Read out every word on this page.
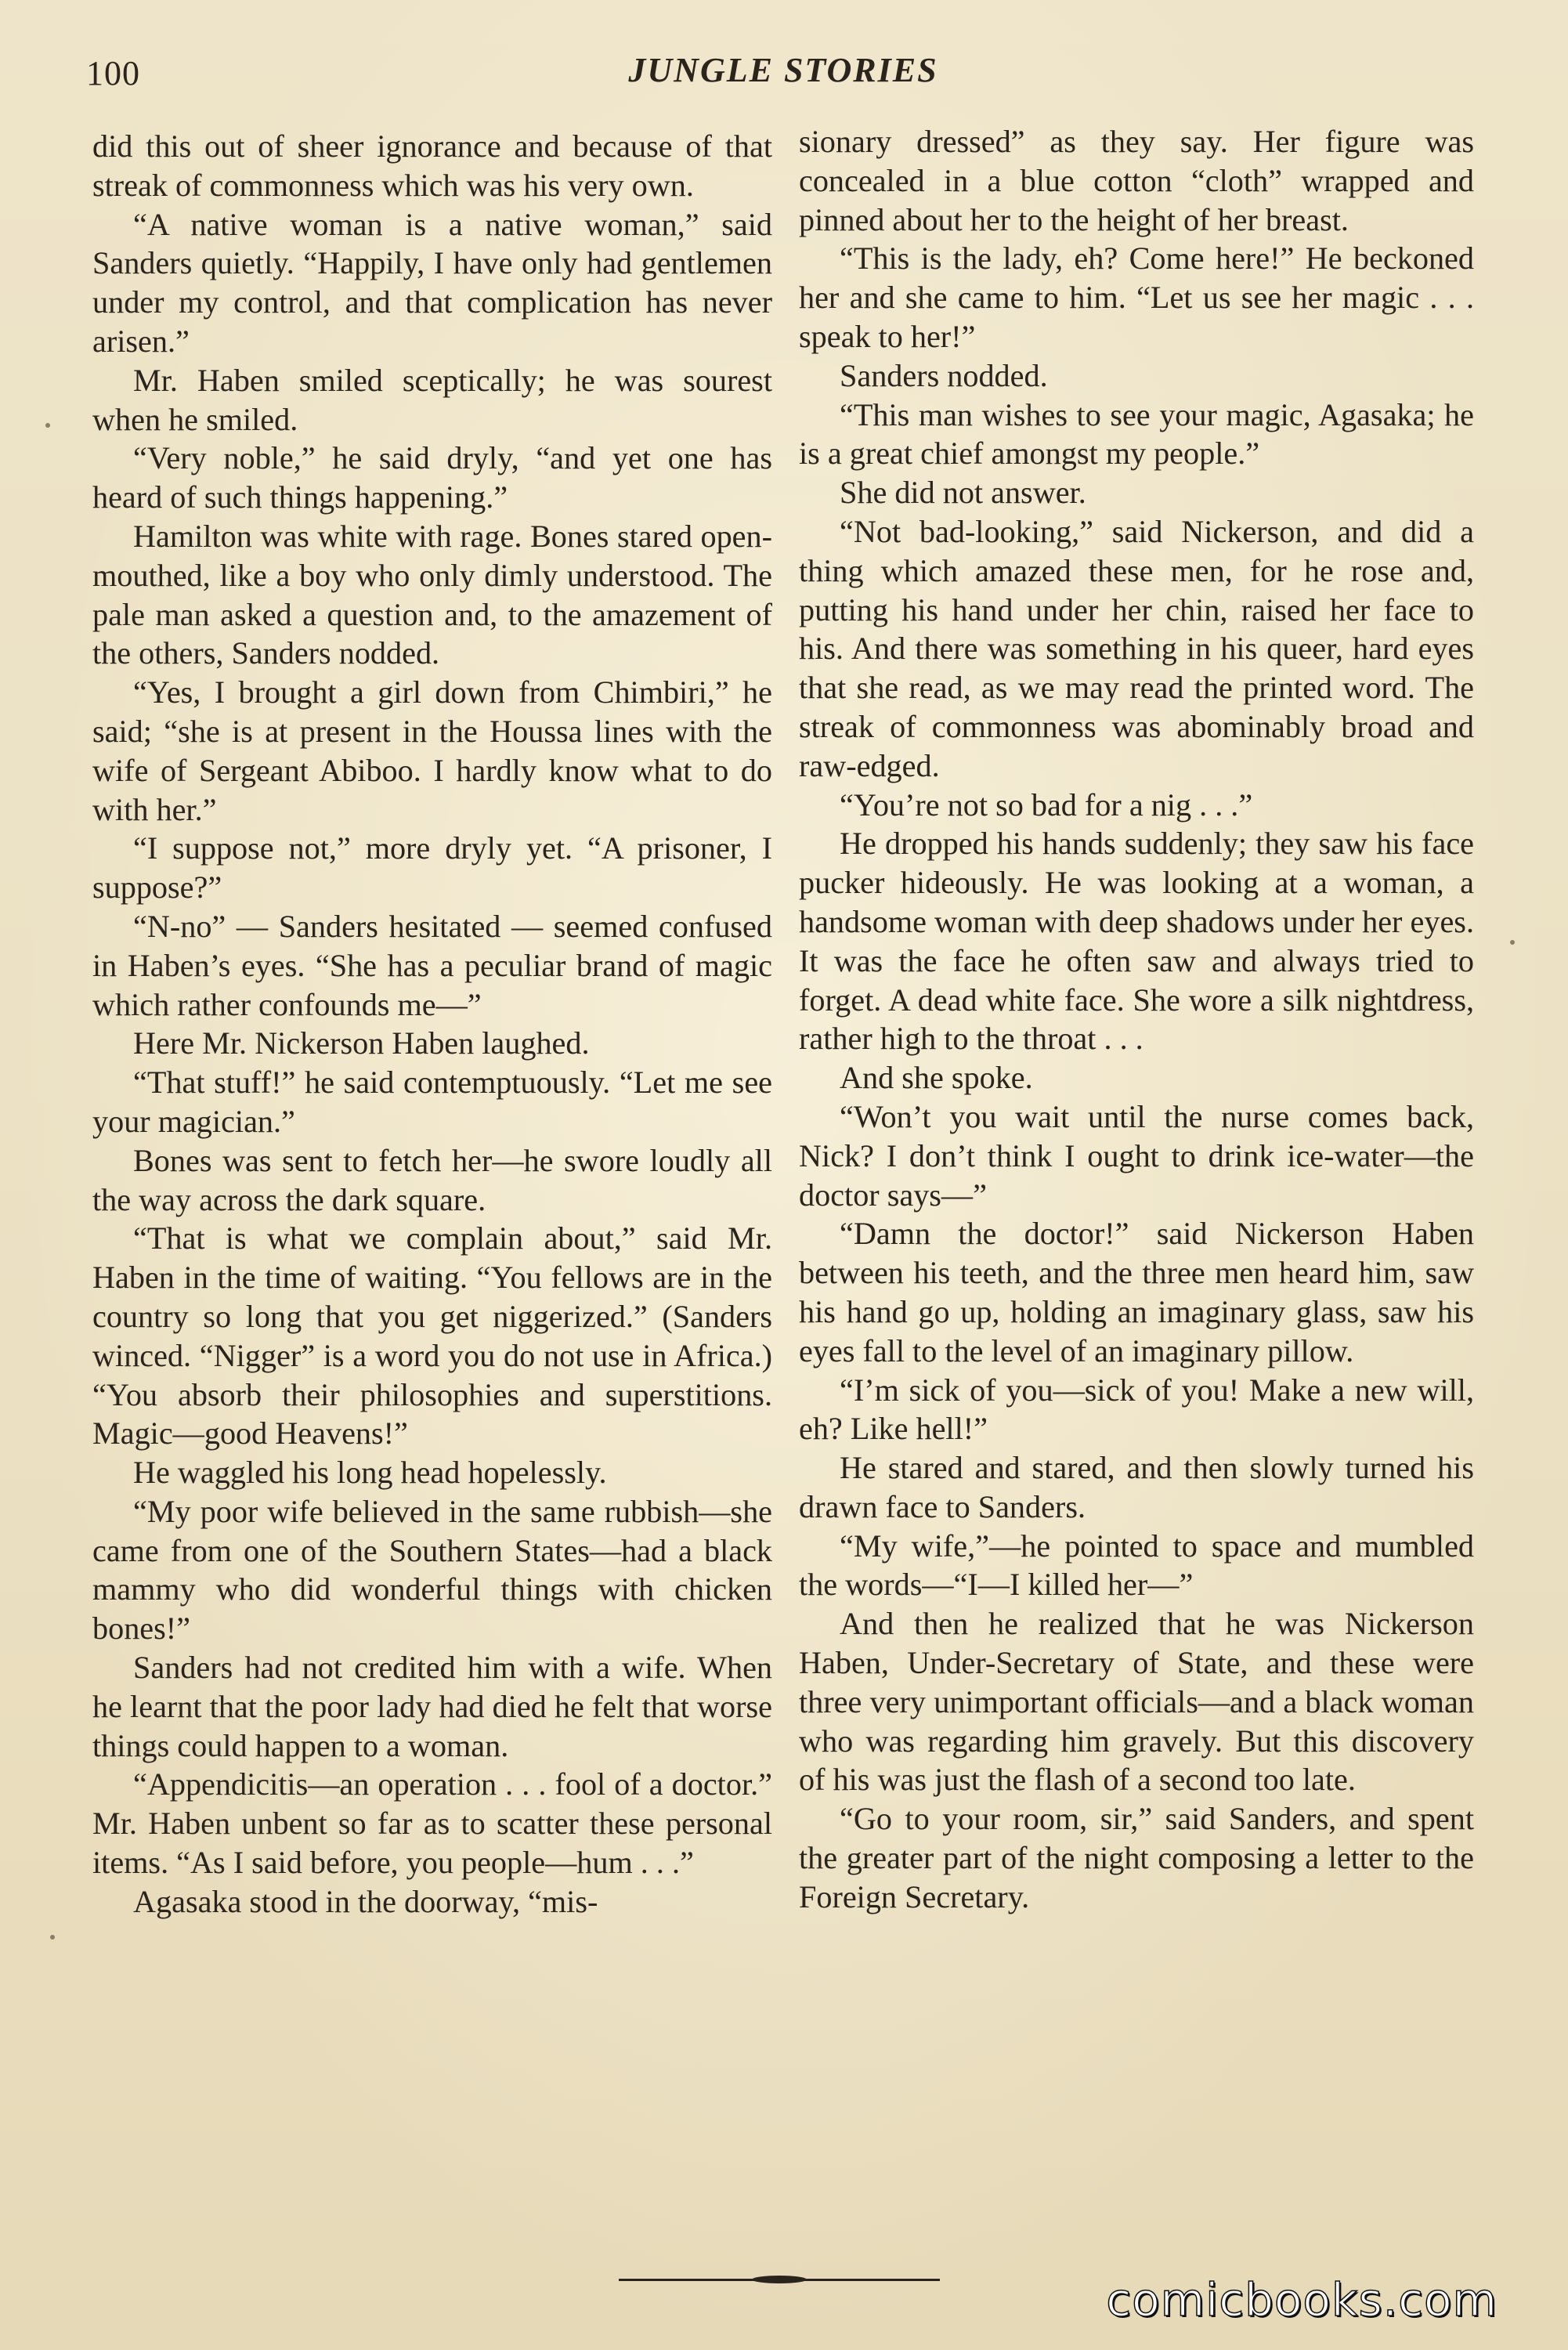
100	JUNGLE STORIES

did this out of sheer ignorance and because of that streak of commonness which was his very own.

“A native woman is a native woman,” said Sanders quietly. “Happily, I have only had gentlemen under my control, and that complication has never arisen.”

Mr. Haben smiled sceptically; he was sourest when he smiled.

“Very noble,” he said dryly, “and yet one has heard of such things happening.”

Hamilton was white with rage. Bones stared open-mouthed, like a boy who only dimly understood. The pale man asked a question and, to the amazement of the others, Sanders nodded.

“Yes, I brought a girl down from Chimbiri,” he said; “she is at present in the Houssa lines with the wife of Sergeant Abiboo. I hardly know what to do with her.”

“I suppose not,” more dryly yet. “A prisoner, I suppose?”

“N-no” — Sanders hesitated — seemed confused in Haben’s eyes. “She has a peculiar brand of magic which rather confounds me—”

Here Mr. Nickerson Haben laughed.

“That stuff!” he said contemptuously. “Let me see your magician.”

Bones was sent to fetch her—he swore loudly all the way across the dark square.

“That is what we complain about,” said Mr. Haben in the time of waiting. “You fellows are in the country so long that you get niggerized.” (Sanders winced. “Nigger” is a word you do not use in Africa.) “You absorb their philosophies and superstitions. Magic—good Heavens!”

He waggled his long head hopelessly.

“My poor wife believed in the same rubbish—she came from one of the Southern States—had a black mammy who did wonderful things with chicken bones!”

Sanders had not credited him with a wife. When he learnt that the poor lady had died he felt that worse things could happen to a woman.

“Appendicitis—an operation . . . fool of a doctor.” Mr. Haben unbent so far as to scatter these personal items. “As I said before, you people—hum . . .”

Agasaka stood in the doorway, “mis-

sionary dressed” as they say. Her figure was concealed in a blue cotton “cloth” wrapped and pinned about her to the height of her breast.

“This is the lady, eh? Come here!” He beckoned her and she came to him. “Let us see her magic . . . speak to her!”

Sanders nodded.

“This man wishes to see your magic, Agasaka; he is a great chief amongst my people.”

She did not answer.

“Not bad-looking,” said Nickerson, and did a thing which amazed these men, for he rose and, putting his hand under her chin, raised her face to his. And there was something in his queer, hard eyes that she read, as we may read the printed word. The streak of commonness was abominably broad and raw-edged.

“You’re not so bad for a nig . . .”

He dropped his hands suddenly; they saw his face pucker hideously. He was looking at a woman, a handsome woman with deep shadows under her eyes. It was the face he often saw and always tried to forget. A dead white face. She wore a silk nightdress, rather high to the throat . . .

And she spoke.

“Won’t you wait until the nurse comes back, Nick? I don’t think I ought to drink ice-water—the doctor says—”

“Damn the doctor!” said Nickerson Haben between his teeth, and the three men heard him, saw his hand go up, holding an imaginary glass, saw his eyes fall to the level of an imaginary pillow.

“I’m sick of you—sick of you! Make a new will, eh? Like hell!”

He stared and stared, and then slowly turned his drawn face to Sanders.

“My wife,”—he pointed to space and mumbled the words—“I—I killed her—”

And then he realized that he was Nickerson Haben, Under-Secretary of State, and these were three very unimportant officials—and a black woman who was regarding him gravely. But this discovery of his was just the flash of a second too late.

“Go to your room, sir,” said Sanders, and spent the greater part of the night composing a letter to the Foreign Secretary.

comicbooks.com
